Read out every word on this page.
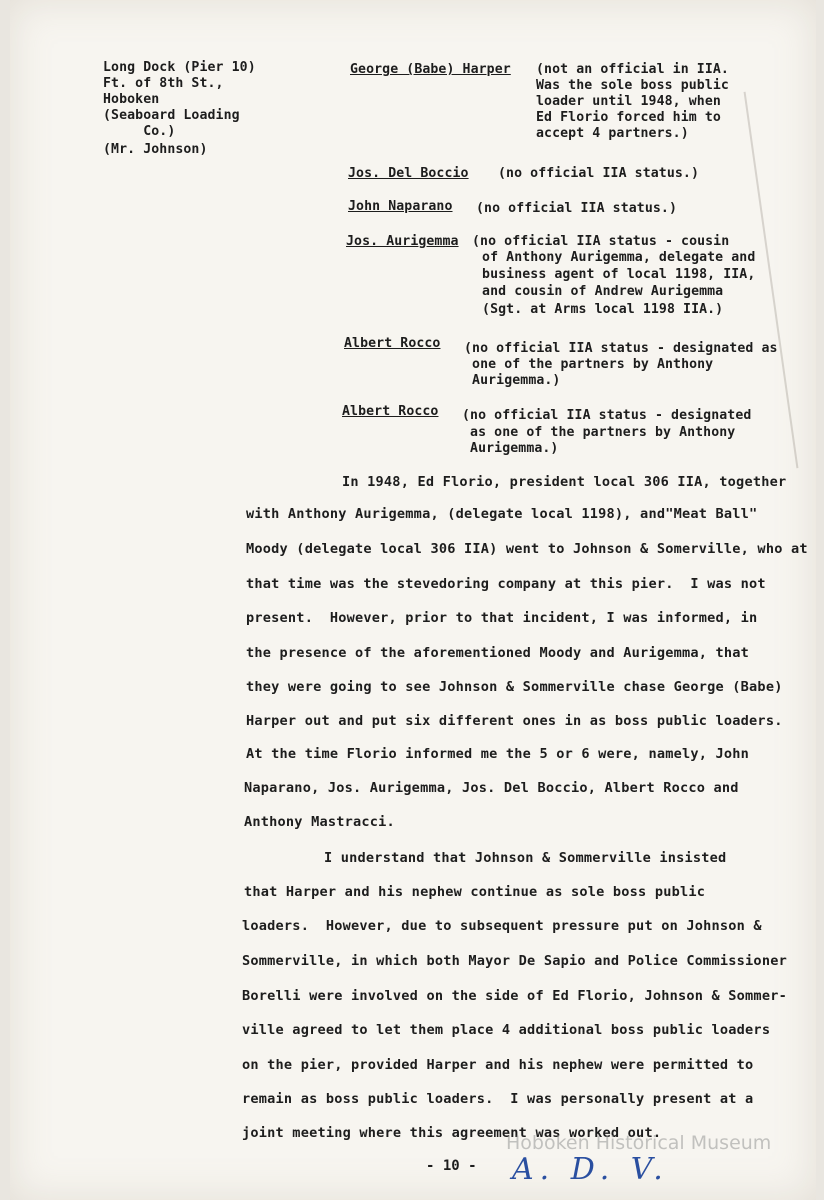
Long Dock (Pier 10)
Ft. of 8th St.,
Hoboken
(Seaboard Loading
Co.)
(Mr. Johnson)
George (Babe) Harper (not an official in IIA.
Was the sole boss public
loader until 1948, when
Ed Florio forced him to
accept 4 partners.)
Jos. Del Boccio (no official IIA status.)
John Naparano (no official IIA status.)
Jos. Aurigemma (no official IIA status - cousin
of Anthony Aurigemma, delegate and
business agent of local 1198, IIA,
and cousin of Andrew Aurigemma
(Sgt. at Arms local 1198 IIA.)
Albert Rocco (no official IIA status - designated as
one of the partners by Anthony
Aurigemma.)
Albert Rocco (no official IIA status - designated
as one of the partners by Anthony
Aurigemma.)
In 1948, Ed Florio, president local 306 IIA, together
with Anthony Aurigemma, (delegate local 1198), and"Meat Ball"
Moody (delegate local 306 IIA) went to Johnson & Somerville, who at
that time was the stevedoring company at this pier.  I was not
present.  However, prior to that incident, I was informed, in
the presence of the aforementioned Moody and Aurigemma, that
they were going to see Johnson & Sommerville chase George (Babe)
Harper out and put six different ones in as boss public loaders.
At the time Florio informed me the 5 or 6 were, namely, John
Naparano, Jos. Aurigemma, Jos. Del Boccio, Albert Rocco and
Anthony Mastracci.
I understand that Johnson & Sommerville insisted
that Harper and his nephew continue as sole boss public
loaders.  However, due to subsequent pressure put on Johnson &
Sommerville, in which both Mayor De Sapio and Police Commissioner
Borelli were involved on the side of Ed Florio, Johnson & Sommer-
ville agreed to let them place 4 additional boss public loaders
on the pier, provided Harper and his nephew were permitted to
remain as boss public loaders.  I was personally present at a
joint meeting where this agreement was worked out.
Hoboken Historical Museum
- 10 - A. D. V.
